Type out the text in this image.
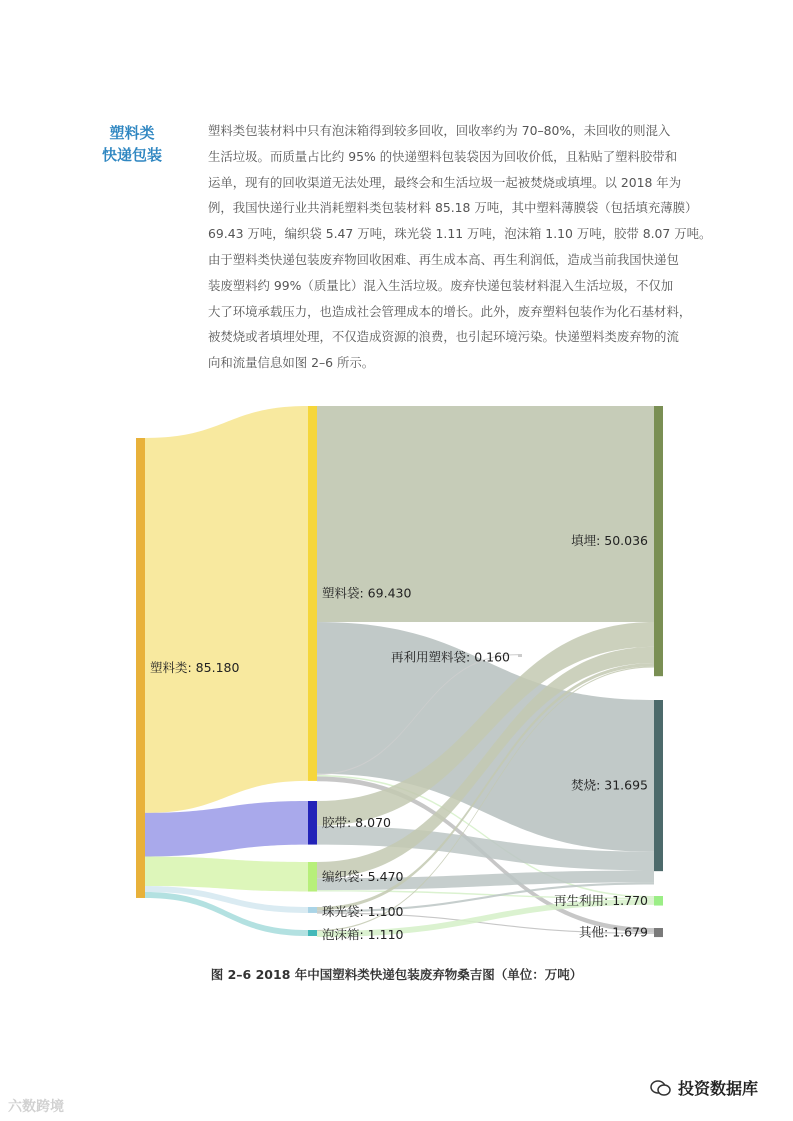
塑料类
快递包装
塑料类包装材料中只有泡沫箱得到较多回收，回收率约为 70–80%，未回收的则混入
生活垃圾。而质量占比约 95% 的快递塑料包装袋因为回收价低，且粘贴了塑料胶带和
运单，现有的回收渠道无法处理，最终会和生活垃圾一起被焚烧或填埋。以 2018 年为
例，我国快递行业共消耗塑料类包装材料 85.18 万吨，其中塑料薄膜袋（包括填充薄膜）
69.43 万吨，编织袋 5.47 万吨，珠光袋 1.11 万吨，泡沫箱 1.10 万吨，胶带 8.07 万吨。
由于塑料类快递包装废弃物回收困难、再生成本高、再生利润低，造成当前我国快递包
装废塑料约 99%（质量比）混入生活垃圾。废弃快递包装材料混入生活垃圾，不仅加
大了环境承载压力，也造成社会管理成本的增长。此外，废弃塑料包装作为化石基材料，
被焚烧或者填埋处理，不仅造成资源的浪费，也引起环境污染。快递塑料类废弃物的流
向和流量信息如图 2–6 所示。
塑料类: 85.180
塑料袋: 69.430
胶带: 8.070
编织袋: 5.470
珠光袋: 1.100
泡沫箱: 1.110
再利用塑料袋: 0.160
填埋: 50.036
焚烧: 31.695
再生利用: 1.770
其他: 1.679
图 2–6 2018 年中国塑料类快递包装废弃物桑吉图（单位：万吨）
六数跨境
投资数据库
